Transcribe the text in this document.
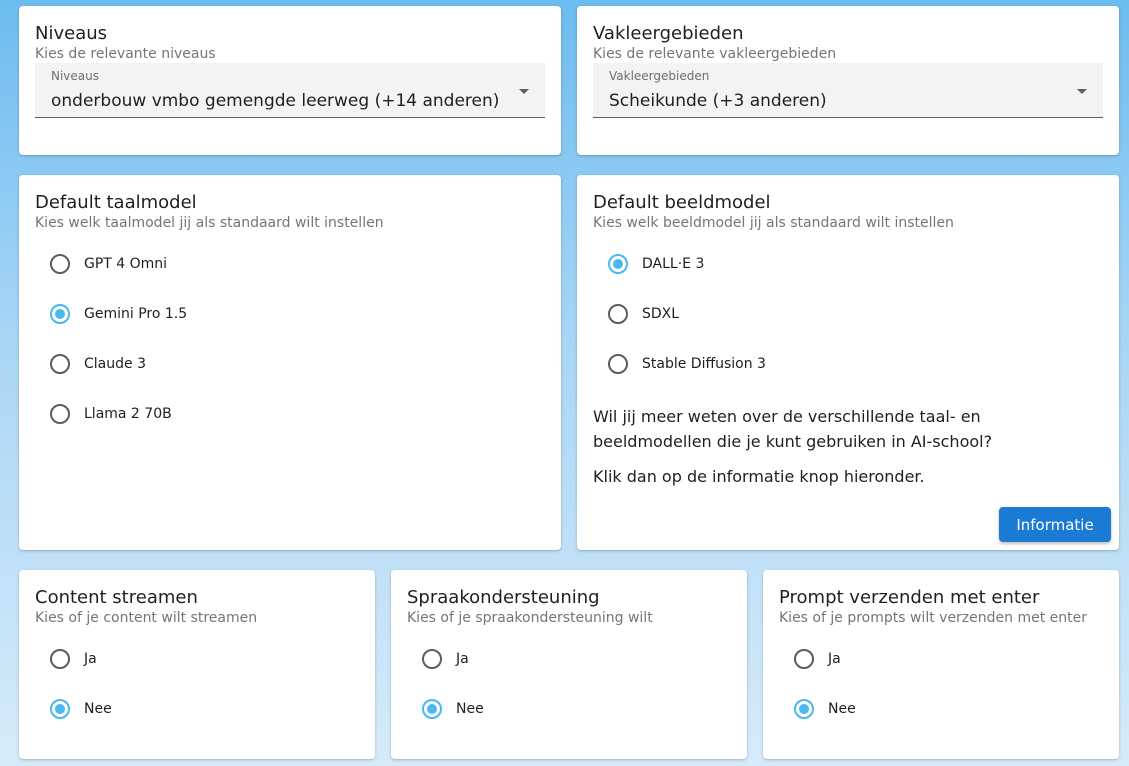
Niveaus
Kies de relevante niveaus
Niveaus
onderbouw vmbo gemengde leerweg (+14 anderen)
Vakleergebieden
Kies de relevante vakleergebieden
Vakleergebieden
Scheikunde (+3 anderen)
Default taalmodel
Kies welk taalmodel jij als standaard wilt instellen
GPT 4 Omni
Gemini Pro 1.5
Claude 3
Llama 2 70B
Default beeldmodel
Kies welk beeldmodel jij als standaard wilt instellen
DALL·E 3
SDXL
Stable Diffusion 3

Wil jij meer weten over de verschillende taal- en beeldmodellen die je kunt gebruiken in AI-school?

Klik dan op de informatie knop hieronder.

Informatie
Content streamen
Kies of je content wilt streamen
Ja
Nee
Spraakondersteuning
Kies of je spraakondersteuning wilt
Ja
Nee
Prompt verzenden met enter
Kies of je prompts wilt verzenden met enter
Ja
Nee
